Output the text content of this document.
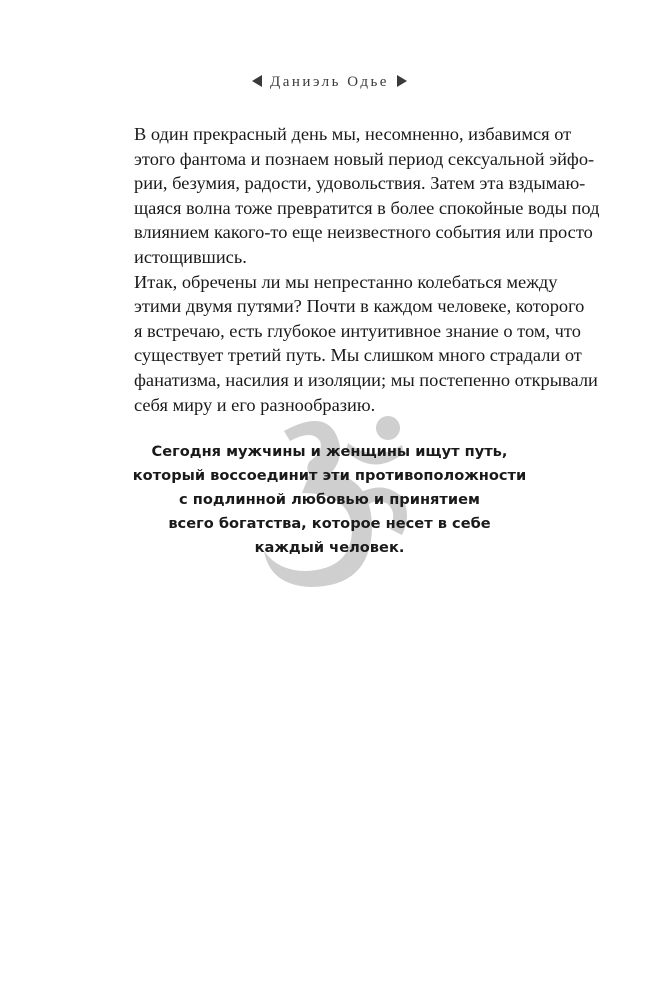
Даниэль Одье

В один прекрасный день мы, несомненно, избавимся от
этого фантома и познаем новый период сексуальной эйфо-
рии, безумия, радости, удовольствия. Затем эта вздымаю-
щаяся волна тоже превратится в более спокойные воды под
влиянием какого-то еще неизвестного события или просто
истощившись.

Итак, обречены ли мы непрестанно колебаться между
этими двумя путями? Почти в каждом человеке, которого
я встречаю, есть глубокое интуитивное знание о том, что
существует третий путь. Мы слишком много страдали от
фанатизма, насилия и изоляции; мы постепенно открывали
себя миру и его разнообразию.

Сегодня мужчины и женщины ищут путь,
который воссоединит эти противоположности
с подлинной любовью и принятием
всего богатства, которое несет в себе
каждый человек.
